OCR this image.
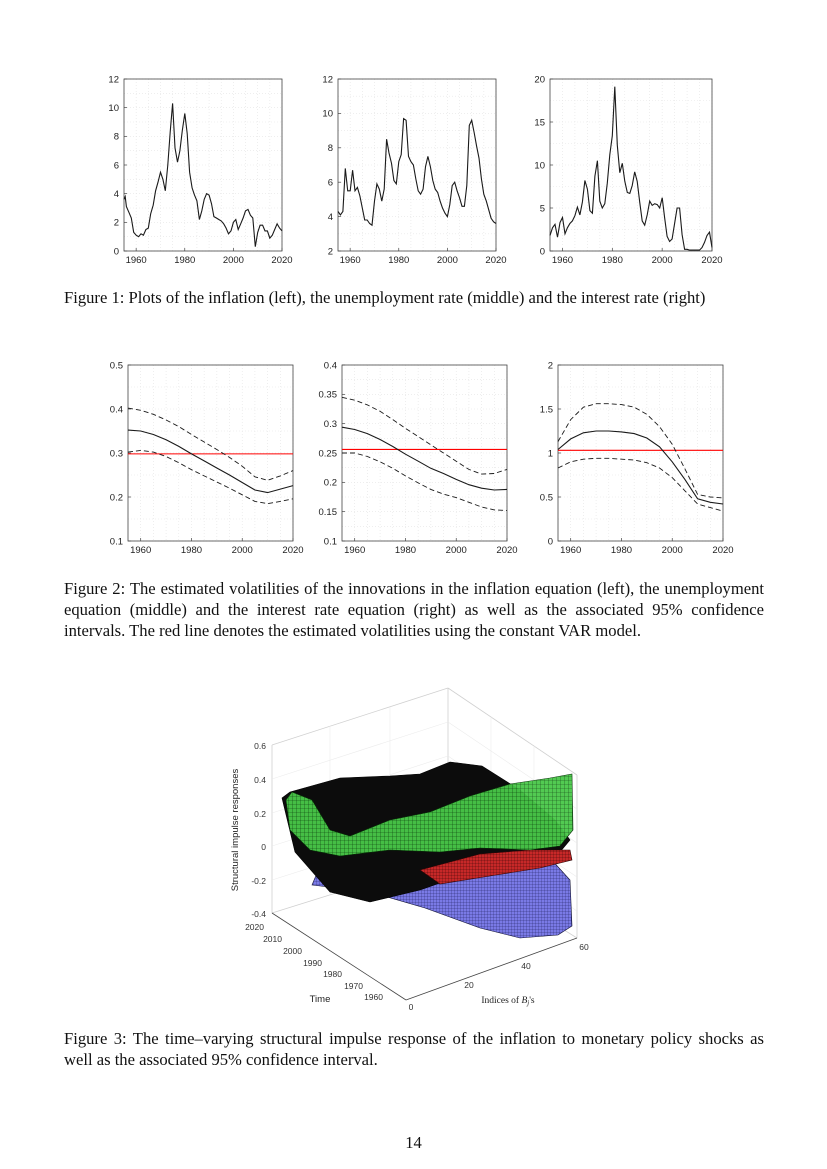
1960	1980	2000	2020
0
2
4
6
8
10
12
1960	1980	2000	2020
2
4
6
8
10
12
1960	1980	2000	2020
0
5
10
15
20
Figure 1: Plots of the inflation (left), the unemployment rate (middle) and the interest rate (right)
1960	1980	2000	2020
0.1
0.2
0.3
0.4
0.5
1960	1980	2000	2020
0.1
0.15
0.2
0.25
0.3
0.35
0.4
1960	1980	2000	2020
0
0.5
1
1.5
2
Figure 2: The estimated volatilities of the innovations in the inflation equation (left), the unemployment equation (middle) and the interest rate equation (right) as well as the associated 95% confidence intervals. The red line denotes the estimated volatilities using the constant VAR model.
0.6
0.4
0.2
0
-0.2
-0.4
Structural impulse responses
2020
2010
2000
1990
1980
1970
1960
Time
0
20
40
60
Indices of $B_j's$
Figure 3: The time–varying structural impulse response of the inflation to monetary policy shocks as well as the associated 95% confidence interval.
14
